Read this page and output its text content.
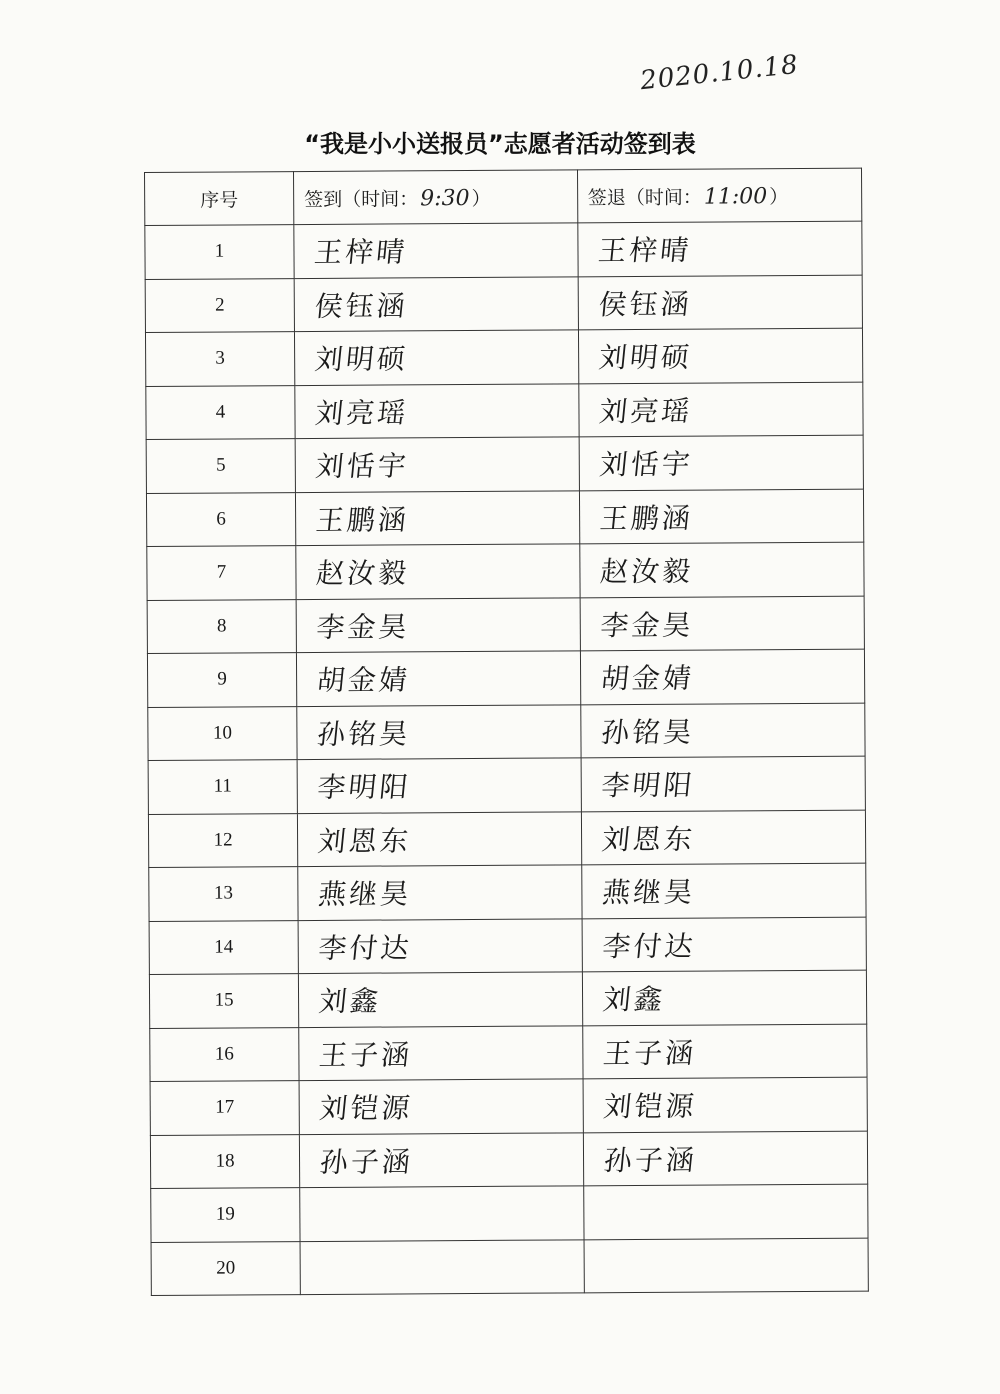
2020.10.18
“我是小小送报员”志愿者活动签到表
序号	签到（时间：9:30）	签退（时间：11:00）
1	王梓晴	王梓晴
2	侯钰涵	侯钰涵
3	刘明硕	刘明硕
4	刘亮瑶	刘亮瑶
5	刘恬宇	刘恬宇
6	王鹏涵	王鹏涵
7	赵汝毅	赵汝毅
8	李金昊	李金昊
9	胡金婧	胡金婧
10	孙铭昊	孙铭昊
11	李明阳	李明阳
12	刘恩东	刘恩东
13	燕继昊	燕继昊
14	李付达	李付达
15	刘鑫	刘鑫
16	王子涵	王子涵
17	刘铠源	刘铠源
18	孙子涵	孙子涵
19		
20		
